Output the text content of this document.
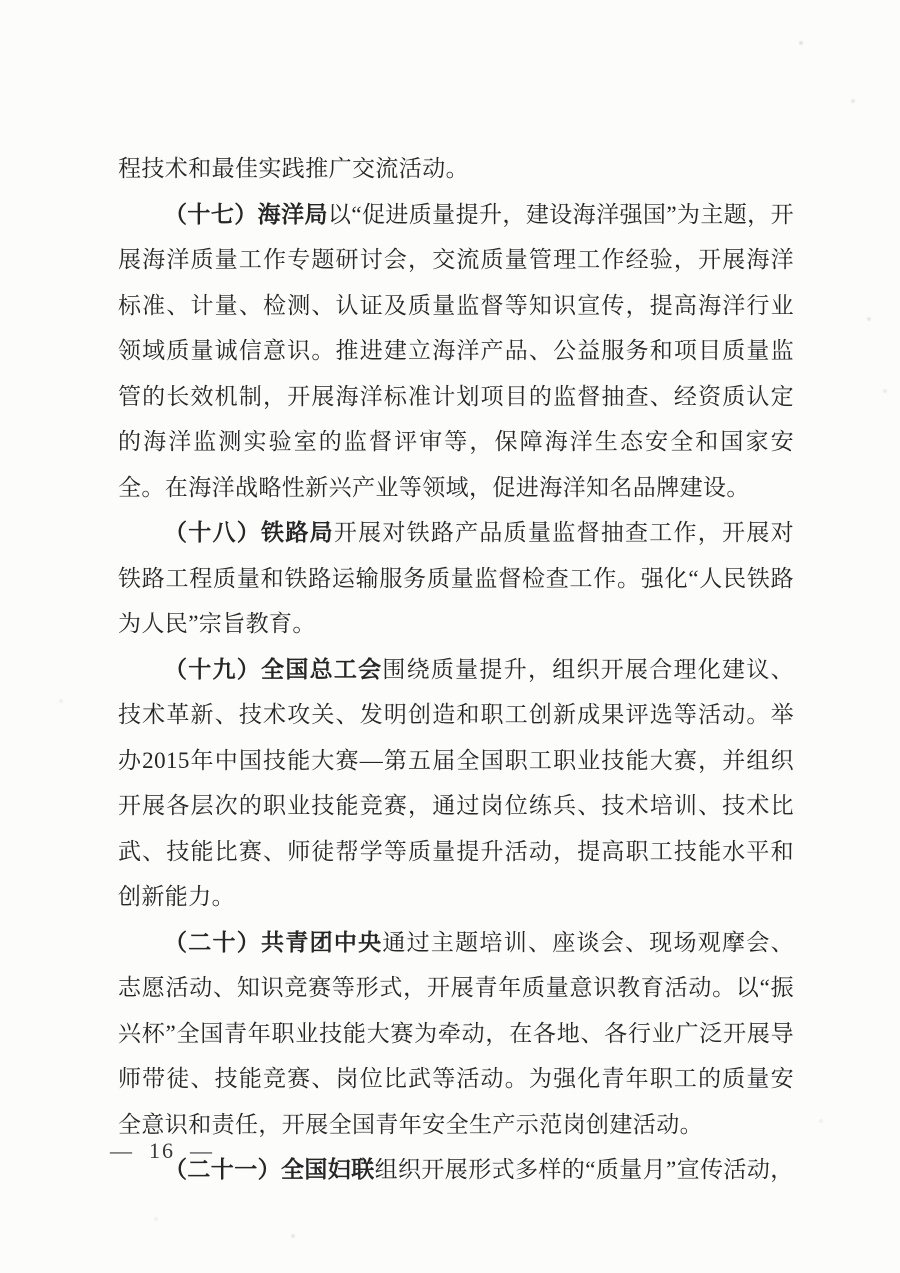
程技术和最佳实践推广交流活动。

（十七）海洋局以“促进质量提升，建设海洋强国”为主题，开展海洋质量工作专题研讨会，交流质量管理工作经验，开展海洋标准、计量、检测、认证及质量监督等知识宣传，提高海洋行业领域质量诚信意识。推进建立海洋产品、公益服务和项目质量监管的长效机制，开展海洋标准计划项目的监督抽查、经资质认定的海洋监测实验室的监督评审等，保障海洋生态安全和国家安全。在海洋战略性新兴产业等领域，促进海洋知名品牌建设。

（十八）铁路局开展对铁路产品质量监督抽查工作，开展对铁路工程质量和铁路运输服务质量监督检查工作。强化“人民铁路为人民”宗旨教育。

（十九）全国总工会围绕质量提升，组织开展合理化建议、技术革新、技术攻关、发明创造和职工创新成果评选等活动。举办2015年中国技能大赛—第五届全国职工职业技能大赛，并组织开展各层次的职业技能竞赛，通过岗位练兵、技术培训、技术比武、技能比赛、师徒帮学等质量提升活动，提高职工技能水平和创新能力。

（二十）共青团中央通过主题培训、座谈会、现场观摩会、志愿活动、知识竞赛等形式，开展青年质量意识教育活动。以“振兴杯”全国青年职业技能大赛为牵动，在各地、各行业广泛开展导师带徒、技能竞赛、岗位比武等活动。为强化青年职工的质量安全意识和责任，开展全国青年安全生产示范岗创建活动。

（二十一）全国妇联组织开展形式多样的“质量月”宣传活动，

—  16  —
